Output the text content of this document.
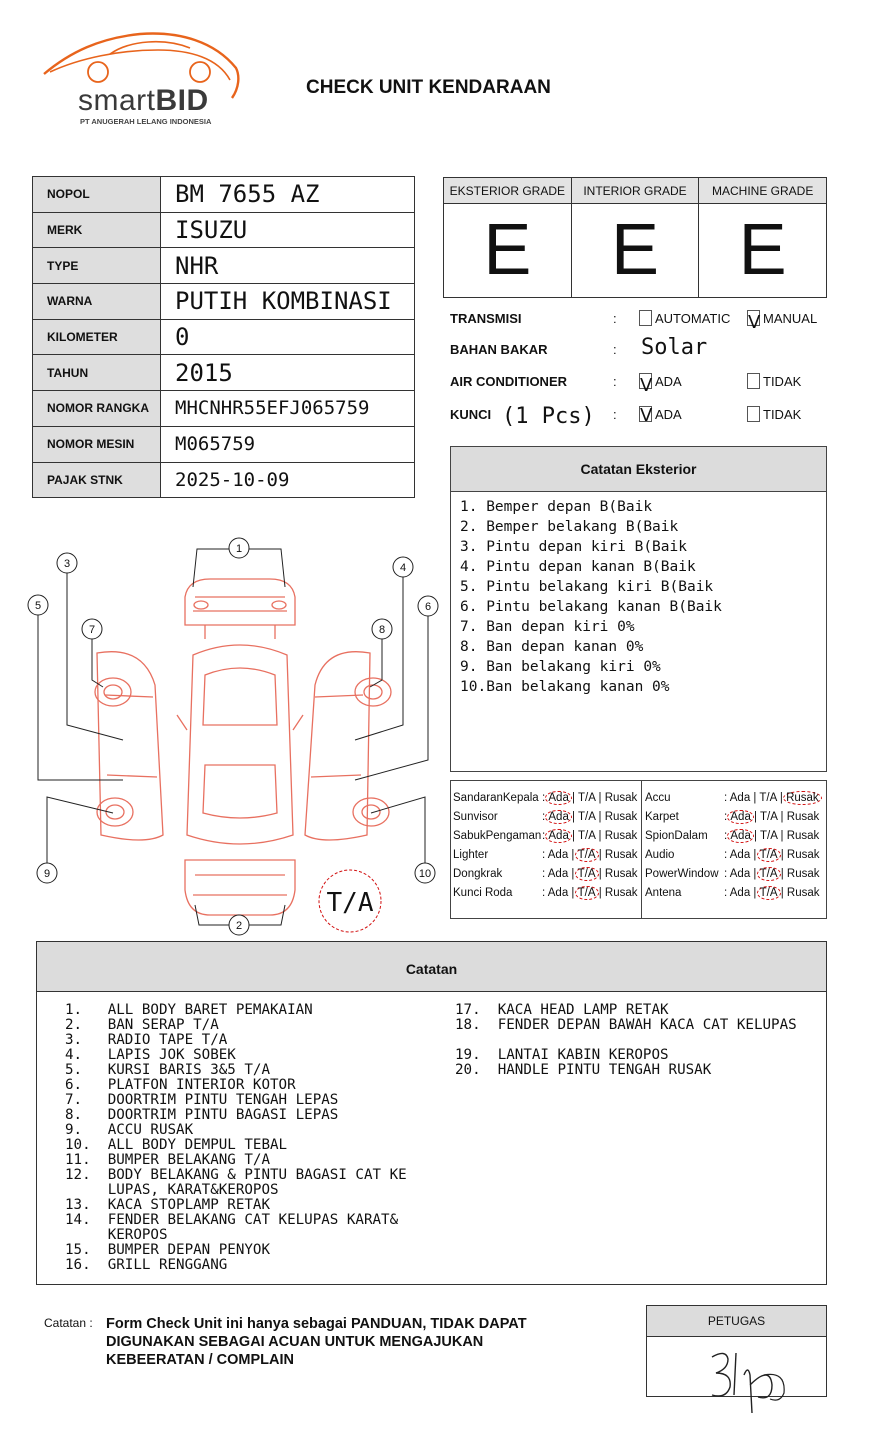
smartBID
PT ANUGERAH LELANG INDONESIA
CHECK UNIT KENDARAAN
NOPOL	BM 7655 AZ
MERK	ISUZU
TYPE	NHR
WARNA	PUTIH KOMBINASI
KILOMETER	0
TAHUN	2015
NOMOR RANGKA	MHCNHR55EFJ065759
NOMOR MESIN	M065759
PAJAK STNK	2025-10-09
EKSTERIOR GRADE
E
INTERIOR GRADE
E
MACHINE GRADE
E
TRANSMISI	:	AUTOMATIC V MANUAL
BAHAN BAKAR	: Solar
AIR CONDITIONER	: V ADA	TIDAK
KUNCI (1 Pcs) : V ADA	TIDAK
Catatan Eksterior
1. Bemper depan B(Baik
2. Bemper belakang B(Baik
3. Pintu depan kiri B(Baik
4. Pintu depan kanan B(Baik
5. Pintu belakang kiri B(Baik
6. Pintu belakang kanan B(Baik
7. Ban depan kiri 0%
8. Ban depan kanan 0%
9. Ban belakang kiri 0%
10.Ban belakang kanan 0%
SandaranKepala : Ada | T/A | Rusak
Sunvisor	: Ada | T/A | Rusak
SabukPengaman : Ada | T/A | Rusak
Lighter	: Ada | T/A | Rusak
Dongkrak	: Ada | T/A | Rusak
Kunci Roda	: Ada | T/A | Rusak
Accu	: Ada | T/A | Rusak
Karpet	: Ada | T/A | Rusak
SpionDalam : Ada | T/A | Rusak
Audio	: Ada | T/A | Rusak
PowerWindow : Ada | T/A | Rusak
Antena	: Ada | T/A | Rusak
1
2
3	4
5	6
7	8
9	10
T/A
Catatan
1.   ALL BODY BARET PEMAKAIAN
2.   BAN SERAP T/A
3.   RADIO TAPE T/A
4.   LAPIS JOK SOBEK
5.   KURSI BARIS 3&5 T/A
6.   PLATFON INTERIOR KOTOR
7.   DOORTRIM PINTU TENGAH LEPAS
8.   DOORTRIM PINTU BAGASI LEPAS
9.   ACCU RUSAK
10.  ALL BODY DEMPUL TEBAL
11.  BUMPER BELAKANG T/A
12.  BODY BELAKANG & PINTU BAGASI CAT KE
LUPAS, KARAT&KEROPOS
13.  KACA STOPLAMP RETAK
14.  FENDER BELAKANG CAT KELUPAS KARAT&
KEROPOS
15.  BUMPER DEPAN PENYOK
16.  GRILL RENGGANG
17.  KACA HEAD LAMP RETAK
18.  FENDER DEPAN BAWAH KACA CAT KELUPAS
19.  LANTAI KABIN KEROPOS
20.  HANDLE PINTU TENGAH RUSAK
Catatan : Form Check Unit ini hanya sebagai PANDUAN, TIDAK DAPAT DIGUNAKAN SEBAGAI ACUAN UNTUK MENGAJUKAN KEBEERATAN / COMPLAIN
PETUGAS
